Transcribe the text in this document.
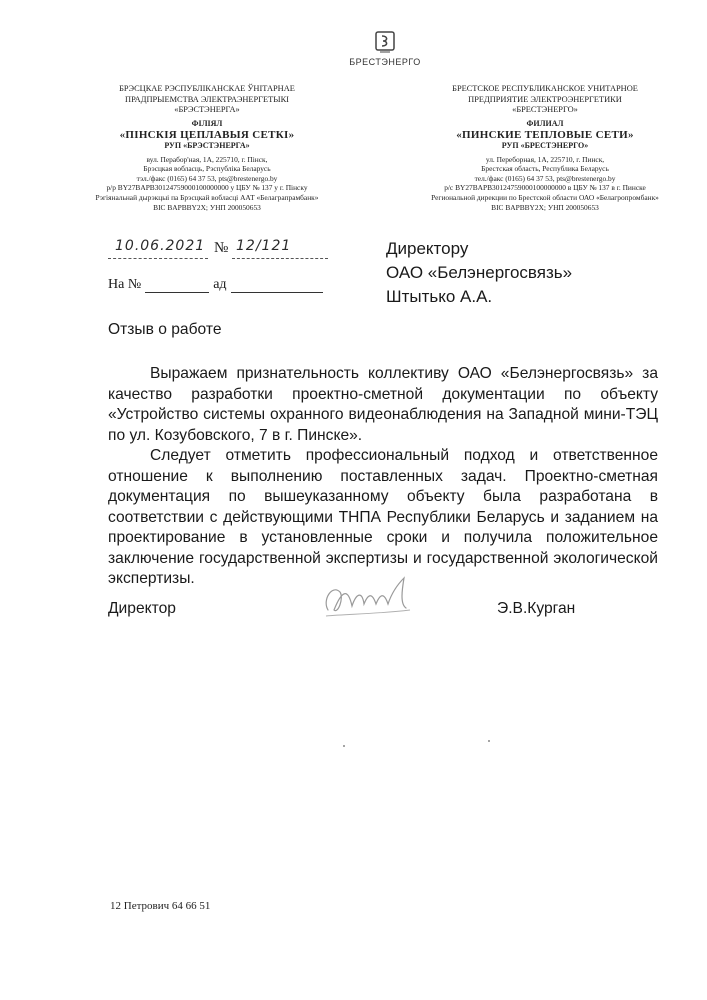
БРЕСТЭНЕРГО
БРЭСЦКАЕ РЭСПУБЛІКАНСКАЕ ЎНІТАРНАЕ
ПРАДПРЫЕМСТВА ЭЛЕКТРАЭНЕРГЕТЫКІ
«БРЭСТЭНЕРГА»
ФІЛІЯЛ
«ПІНСКІЯ ЦЕПЛАВЫЯ СЕТКІ»
РУП «БРЭСТЭНЕРГА»
вул. Перабор'ная, 1А, 225710, г. Пінск,
Брэсцкая вобласць, Рэспубліка Беларусь
тэл./факс (0165) 64 37 53, pts@brestenergo.by
р/р BY27BAPB30124759000100000000 у ЦБУ № 137 у г. Пінску
Рэгіянальнай дырэкцыі па Брэсцкай вобласці ААТ «Белаграпрамбанк»
BIC BAPBBY2X; УНП 200050653
БРЕСТСКОЕ РЕСПУБЛИКАНСКОЕ УНИТАРНОЕ
ПРЕДПРИЯТИЕ ЭЛЕКТРОЭНЕРГЕТИКИ
«БРЕСТЭНЕРГО»
ФИЛИАЛ
«ПИНСКИЕ ТЕПЛОВЫЕ СЕТИ»
РУП «БРЕСТЭНЕРГО»
ул. Переборная, 1А, 225710, г. Пинск,
Брестская область, Республика Беларусь
тел./факс (0165) 64 37 53, pts@brestenergo.by
р/с BY27BAPB30124759000100000000 в ЦБУ № 137 в г. Пинске
Региональной дирекции по Брестской области ОАО «Белагропромбанк»
BIC BAPBBY2X; УНП 200050653
10.06.2021 № 12/121
На №	ад
Директору
ОАО «Белэнергосвязь»
Штытько А.А.
Отзыв о работе
Выражаем признательность коллективу ОАО «Белэнергосвязь» за качество разработки проектно-сметной документации по объекту «Устройство системы охранного видеонаблюдения на Западной мини-ТЭЦ по ул. Козубовского, 7 в г. Пинске».
Следует отметить профессиональный подход и ответственное отношение к выполнению поставленных задач. Проектно-сметная документация по вышеуказанному объекту была разработана в соответствии с действующими ТНПА Республики Беларусь и заданием на проектирование в установленные сроки и получила положительное заключение государственной экспертизы и государственной экологической экспертизы.
Директор	Э.В.Курган
12 Петрович 64 66 51
